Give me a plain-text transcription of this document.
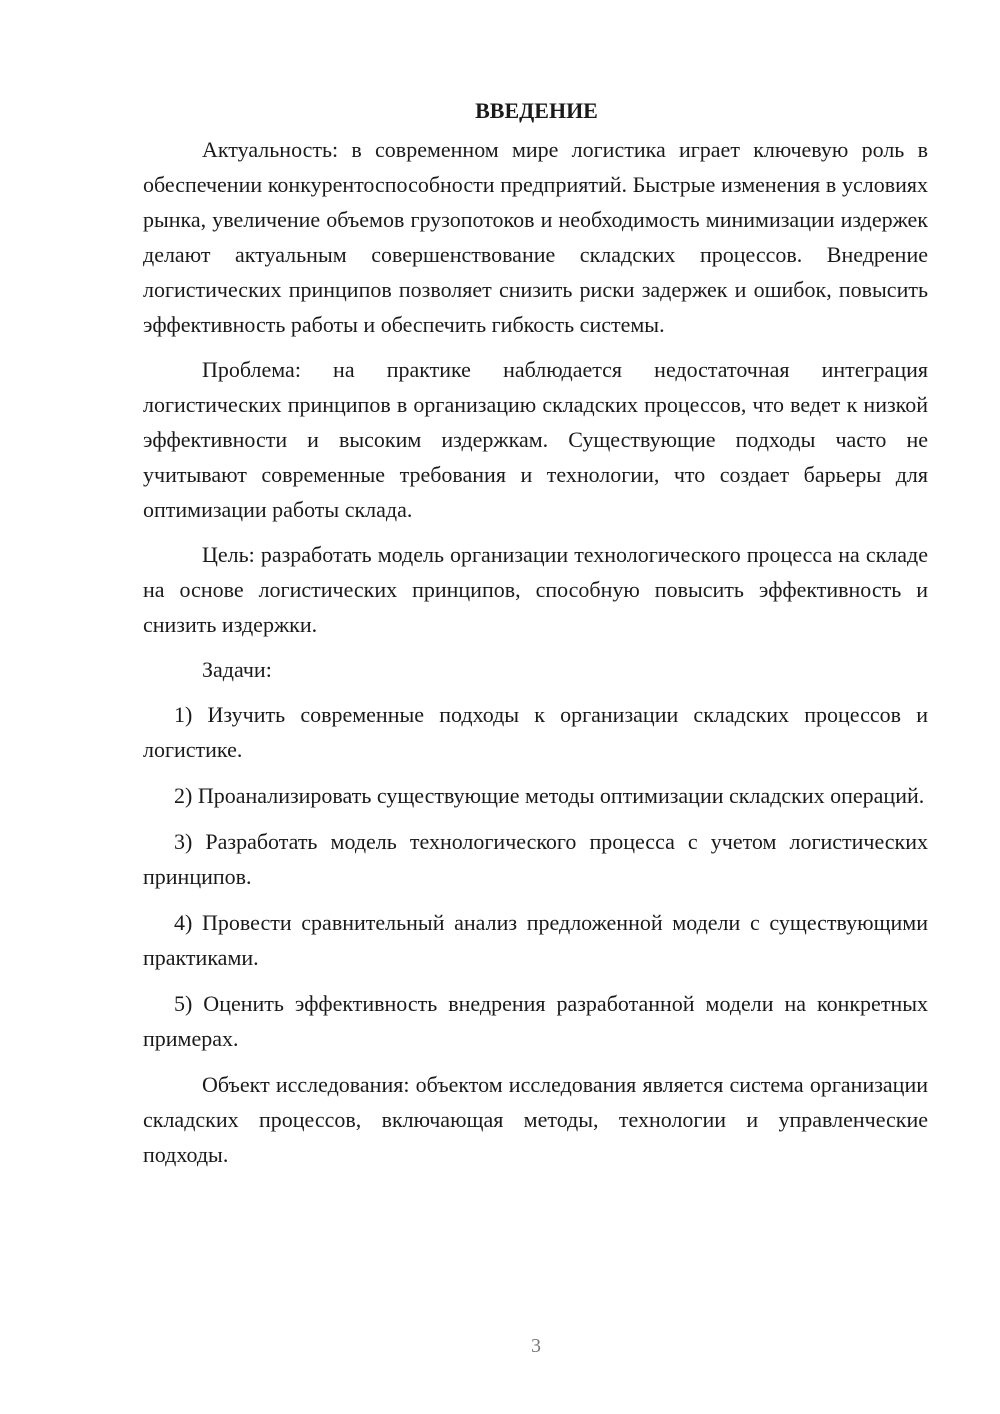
ВВЕДЕНИЕ

Актуальность: в современном мире логистика играет ключевую роль в обеспечении конкурентоспособности предприятий. Быстрые изменения в условиях рынка, увеличение объемов грузопотоков и необходимость минимизации издержек делают актуальным совершенствование складских процессов. Внедрение логистических принципов позволяет снизить риски задержек и ошибок, повысить эффективность работы и обеспечить гибкость системы.

Проблема: на практике наблюдается недостаточная интеграция логистических принципов в организацию складских процессов, что ведет к низкой эффективности и высоким издержкам. Существующие подходы часто не учитывают современные требования и технологии, что создает барьеры для оптимизации работы склада.

Цель: разработать модель организации технологического процесса на складе на основе логистических принципов, способную повысить эффективность и снизить издержки.

Задачи:

1) Изучить современные подходы к организации складских процессов и логистике.

2) Проанализировать существующие методы оптимизации складских операций.

3) Разработать модель технологического процесса с учетом логистических принципов.

4) Провести сравнительный анализ предложенной модели с существующими практиками.

5) Оценить эффективность внедрения разработанной модели на конкретных примерах.

Объект исследования: объектом исследования является система организации складских процессов, включающая методы, технологии и управленческие подходы.

3
